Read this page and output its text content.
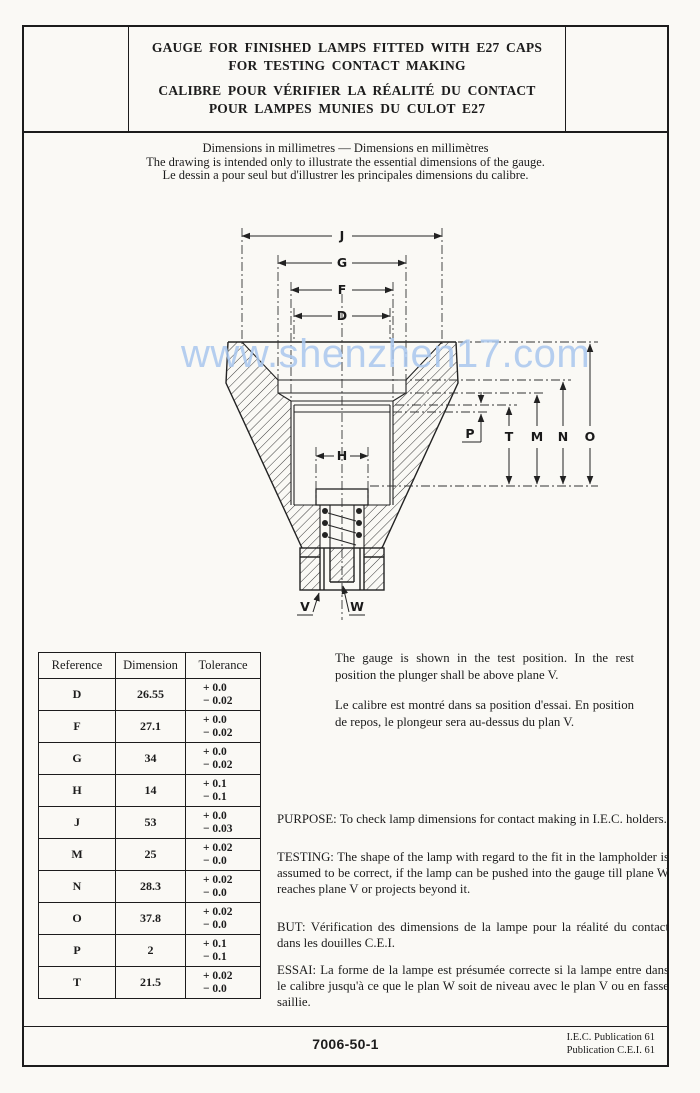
GAUGE FOR FINISHED LAMPS FITTED WITH E27 CAPS
FOR TESTING CONTACT MAKING
CALIBRE POUR VÉRIFIER LA RÉALITÉ DU CONTACT
POUR LAMPES MUNIES DU CULOT E27
Dimensions in millimetres — Dimensions en millimètres
The drawing is intended only to illustrate the essential dimensions of the gauge.
Le dessin a pour seul but d'illustrer les principales dimensions du calibre.
7006-50-1	I.E.C. Publication 61
Publication C.E.I. 61
J
G
F
D
H
P T M N O
V	W
www.shenzhen17.com
Reference	Dimension	Tolerance
D	26.55	+ 0.0
− 0.02

F	27.1	+ 0.0
− 0.02

G	34	+ 0.0
− 0.02

H	14	+ 0.1
− 0.1

J	53	+ 0.0
− 0.03

M	25	+ 0.02
− 0.0

N	28.3	+ 0.02
− 0.0

O	37.8	+ 0.02
− 0.0

P	2	+ 0.1
− 0.1

T	21.5	+ 0.02
− 0.0
The gauge is shown in the test position. In the rest position the plunger shall be above plane V.
Le calibre est montré dans sa position d'essai. En position de repos, le plongeur sera au-dessus du plan V.
PURPOSE: To check lamp dimensions for contact making in I.E.C. holders.
TESTING: The shape of the lamp with regard to the fit in the lampholder is assumed to be correct, if the lamp can be pushed into the gauge till plane W reaches plane V or projects beyond it.
BUT: Vérification des dimensions de la lampe pour la réalité du contact dans les douilles C.E.I.
ESSAI: La forme de la lampe est présumée correcte si la lampe entre dans le calibre jusqu'à ce que le plan W soit de niveau avec le plan V ou en fasse saillie.
